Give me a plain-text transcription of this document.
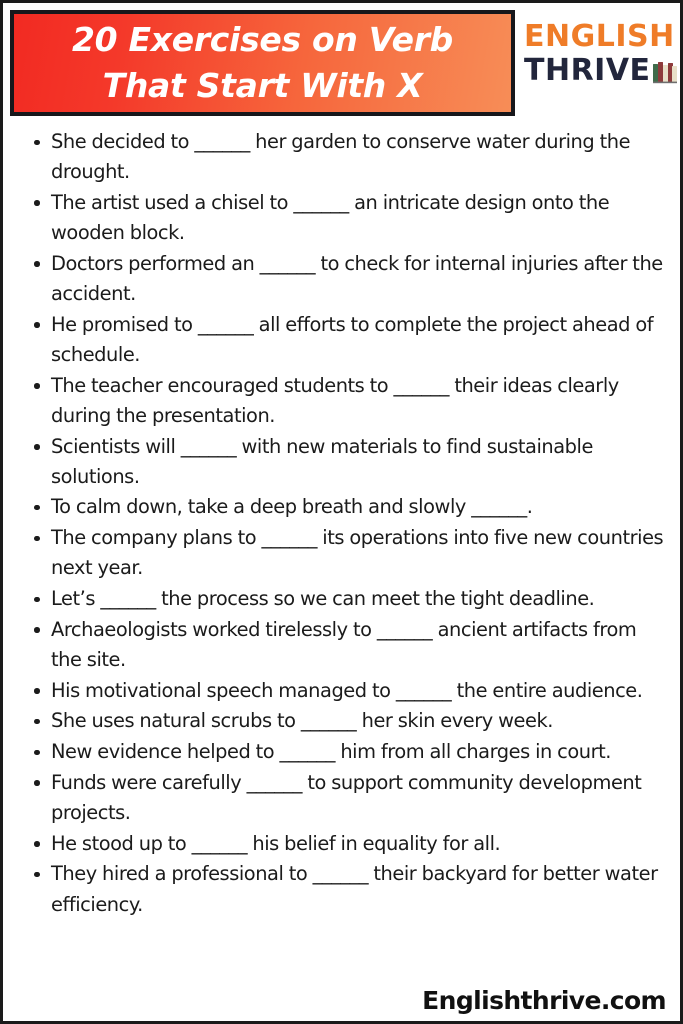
20 Exercises on Verb
That Start With X
ENGLISH
THRIVE
She decided to ______ her garden to conserve water during the drought.
The artist used a chisel to ______ an intricate design onto the wooden block.
Doctors performed an ______ to check for internal injuries after the accident.
He promised to ______ all efforts to complete the project ahead of schedule.
The teacher encouraged students to ______ their ideas clearly during the presentation.
Scientists will ______ with new materials to find sustainable solutions.
To calm down, take a deep breath and slowly ______.
The company plans to ______ its operations into five new countries next year.
Let’s ______ the process so we can meet the tight deadline.
Archaeologists worked tirelessly to ______ ancient artifacts from the site.
His motivational speech managed to ______ the entire audience.
She uses natural scrubs to ______ her skin every week.
New evidence helped to ______ him from all charges in court.
Funds were carefully ______ to support community development projects.
He stood up to ______ his belief in equality for all.
They hired a professional to ______ their backyard for better water efficiency.
Englishthrive.com
